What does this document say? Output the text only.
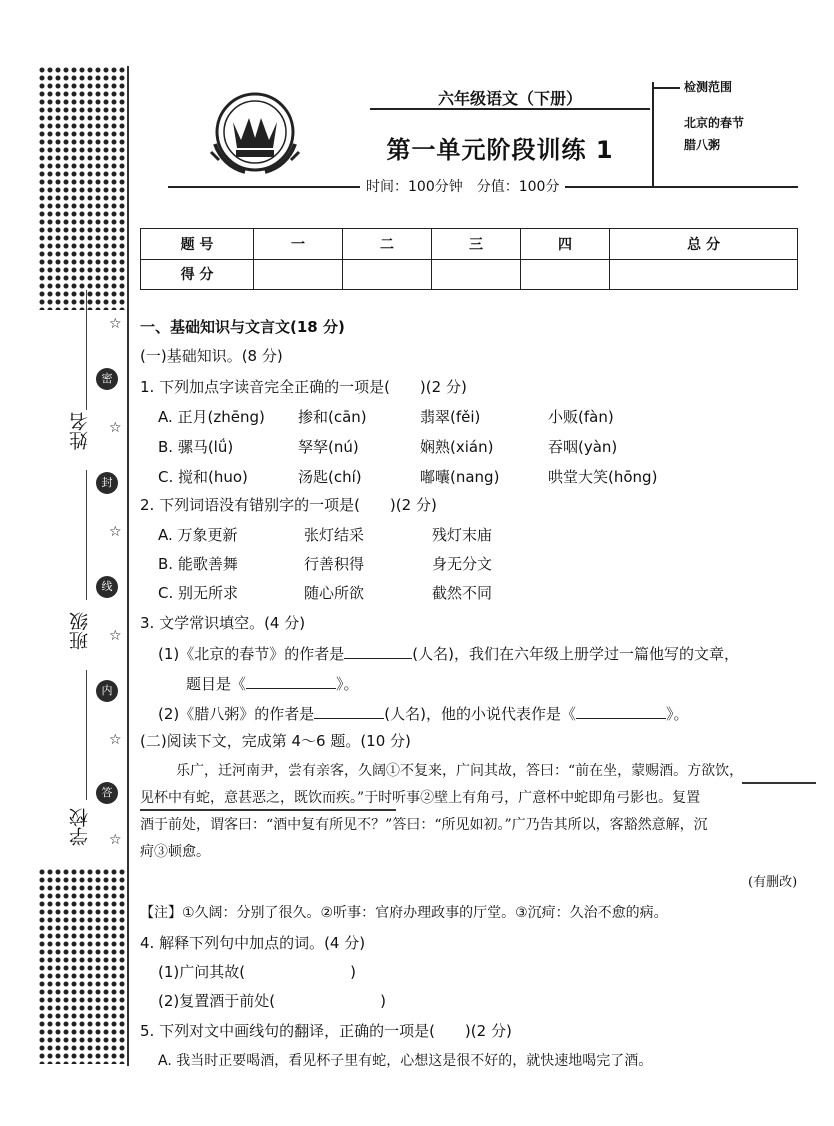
姓名
班级
学校
☆
☆
☆
☆
☆
☆
密
封
线
内
答
六年级语文（下册）
第一单元阶段训练 1
时间：100分钟　分值：100分
检测范围
北京的春节
腊八粥
题 号	一	二	三	四	总 分
得 分					
一、基础知识与文言文(18 分)
(一)基础知识。(8 分)
1. 下列加点字读音完全正确的一项是(　　)(2 分)
A. 正月(zhēng) 掺和(cān)	翡翠(fěi)	小贩(fàn)
B. 骡马(lǘ)	孥孥(nú)	娴熟(xián)	吞咽(yàn)
C. 搅和(huo)	汤匙(chí)	嘟囔(nang)	哄堂大笑(hōng)
2. 下列词语没有错别字的一项是(　　)(2 分)
A. 万象更新	张灯结采	残灯末庙
B. 能歌善舞	行善积得	身无分文
C. 别无所求	随心所欲	截然不同
3. 文学常识填空。(4 分)
(1)《北京的春节》的作者是	(人名)，我们在六年级上册学过一篇他写的文章，
题目是《	》。
(2)《腊八粥》的作者是	(人名)，他的小说代表作是《	》。
(二)阅读下文，完成第 4～6 题。(10 分)
乐广，迁河南尹，尝有亲客，久阔①不复来，广问其故，答曰：“前在坐，蒙赐酒。方欲饮，
见杯中有蛇，意甚恶之，既饮而疾。”于时听事②壁上有角弓，广意杯中蛇即角弓影也。复置
酒于前处，谓客曰：“酒中复有所见不？”答曰：“所见如初。”广乃告其所以，客豁然意解，沉
疴③顿愈。
(有删改)
【注】①久阔：分别了很久。②听事：官府办理政事的厅堂。③沉疴：久治不愈的病。
4. 解释下列句中加点的词。(4 分)
(1)广问其故(　　　　　　　)
(2)复置酒于前处(　　　　　　　)
5. 下列对文中画线句的翻译，正确的一项是(　　)(2 分)
A. 我当时正要喝酒，看见杯子里有蛇，心想这是很不好的，就快速地喝完了酒。
